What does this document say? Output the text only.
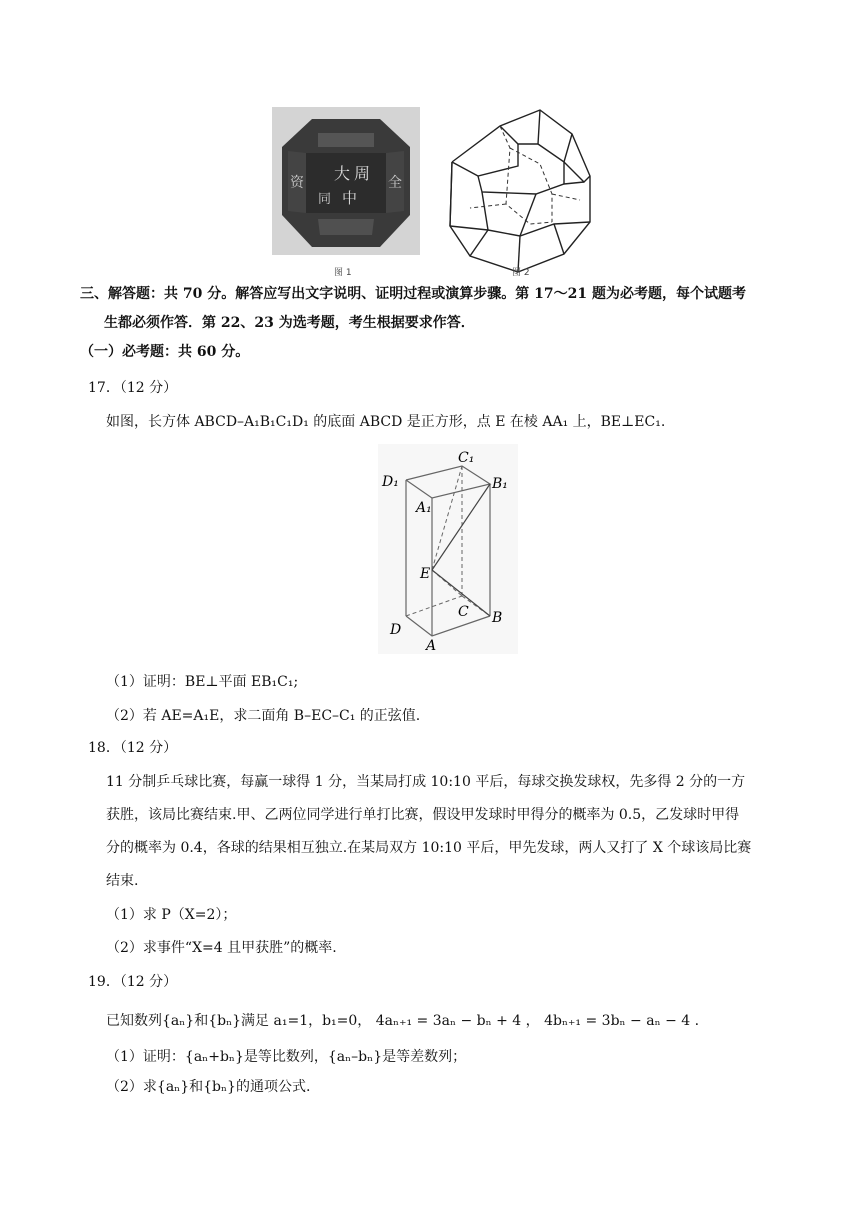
大 周
中
同
资	全
图 1	图 2
三、解答题：共 70 分。解答应写出文字说明、证明过程或演算步骤。第 17～21 题为必考题，每个试题考
生都必须作答．第 22、23 为选考题，考生根据要求作答．
（一）必考题：共 60 分。
17．（12 分）
如图，长方体 ABCD–A₁B₁C₁D₁ 的底面 ABCD 是正方形，点 E 在棱 AA₁ 上，BE⊥EC₁.
D₁
C₁
B₁
A₁
E
C B
D
A
（1）证明：BE⊥平面 EB₁C₁;
（2）若 AE=A₁E，求二面角 B–EC–C₁ 的正弦值.
18．（12 分）
11 分制乒乓球比赛，每赢一球得 1 分，当某局打成 10:10 平后，每球交换发球权，先多得 2 分的一方
获胜，该局比赛结束.甲、乙两位同学进行单打比赛，假设甲发球时甲得分的概率为 0.5，乙发球时甲得
分的概率为 0.4，各球的结果相互独立.在某局双方 10:10 平后，甲先发球，两人又打了 X 个球该局比赛
结束.
（1）求 P（X=2）；
（2）求事件“X=4 且甲获胜”的概率.
19．（12 分）
已知数列{aₙ}和{bₙ}满足 a₁=1，b₁=0， 4aₙ₊₁ = 3aₙ − bₙ + 4 ， 4bₙ₊₁ = 3bₙ − aₙ − 4 .
（1）证明：{aₙ+bₙ}是等比数列，{aₙ–bₙ}是等差数列；
（2）求{aₙ}和{bₙ}的通项公式.
